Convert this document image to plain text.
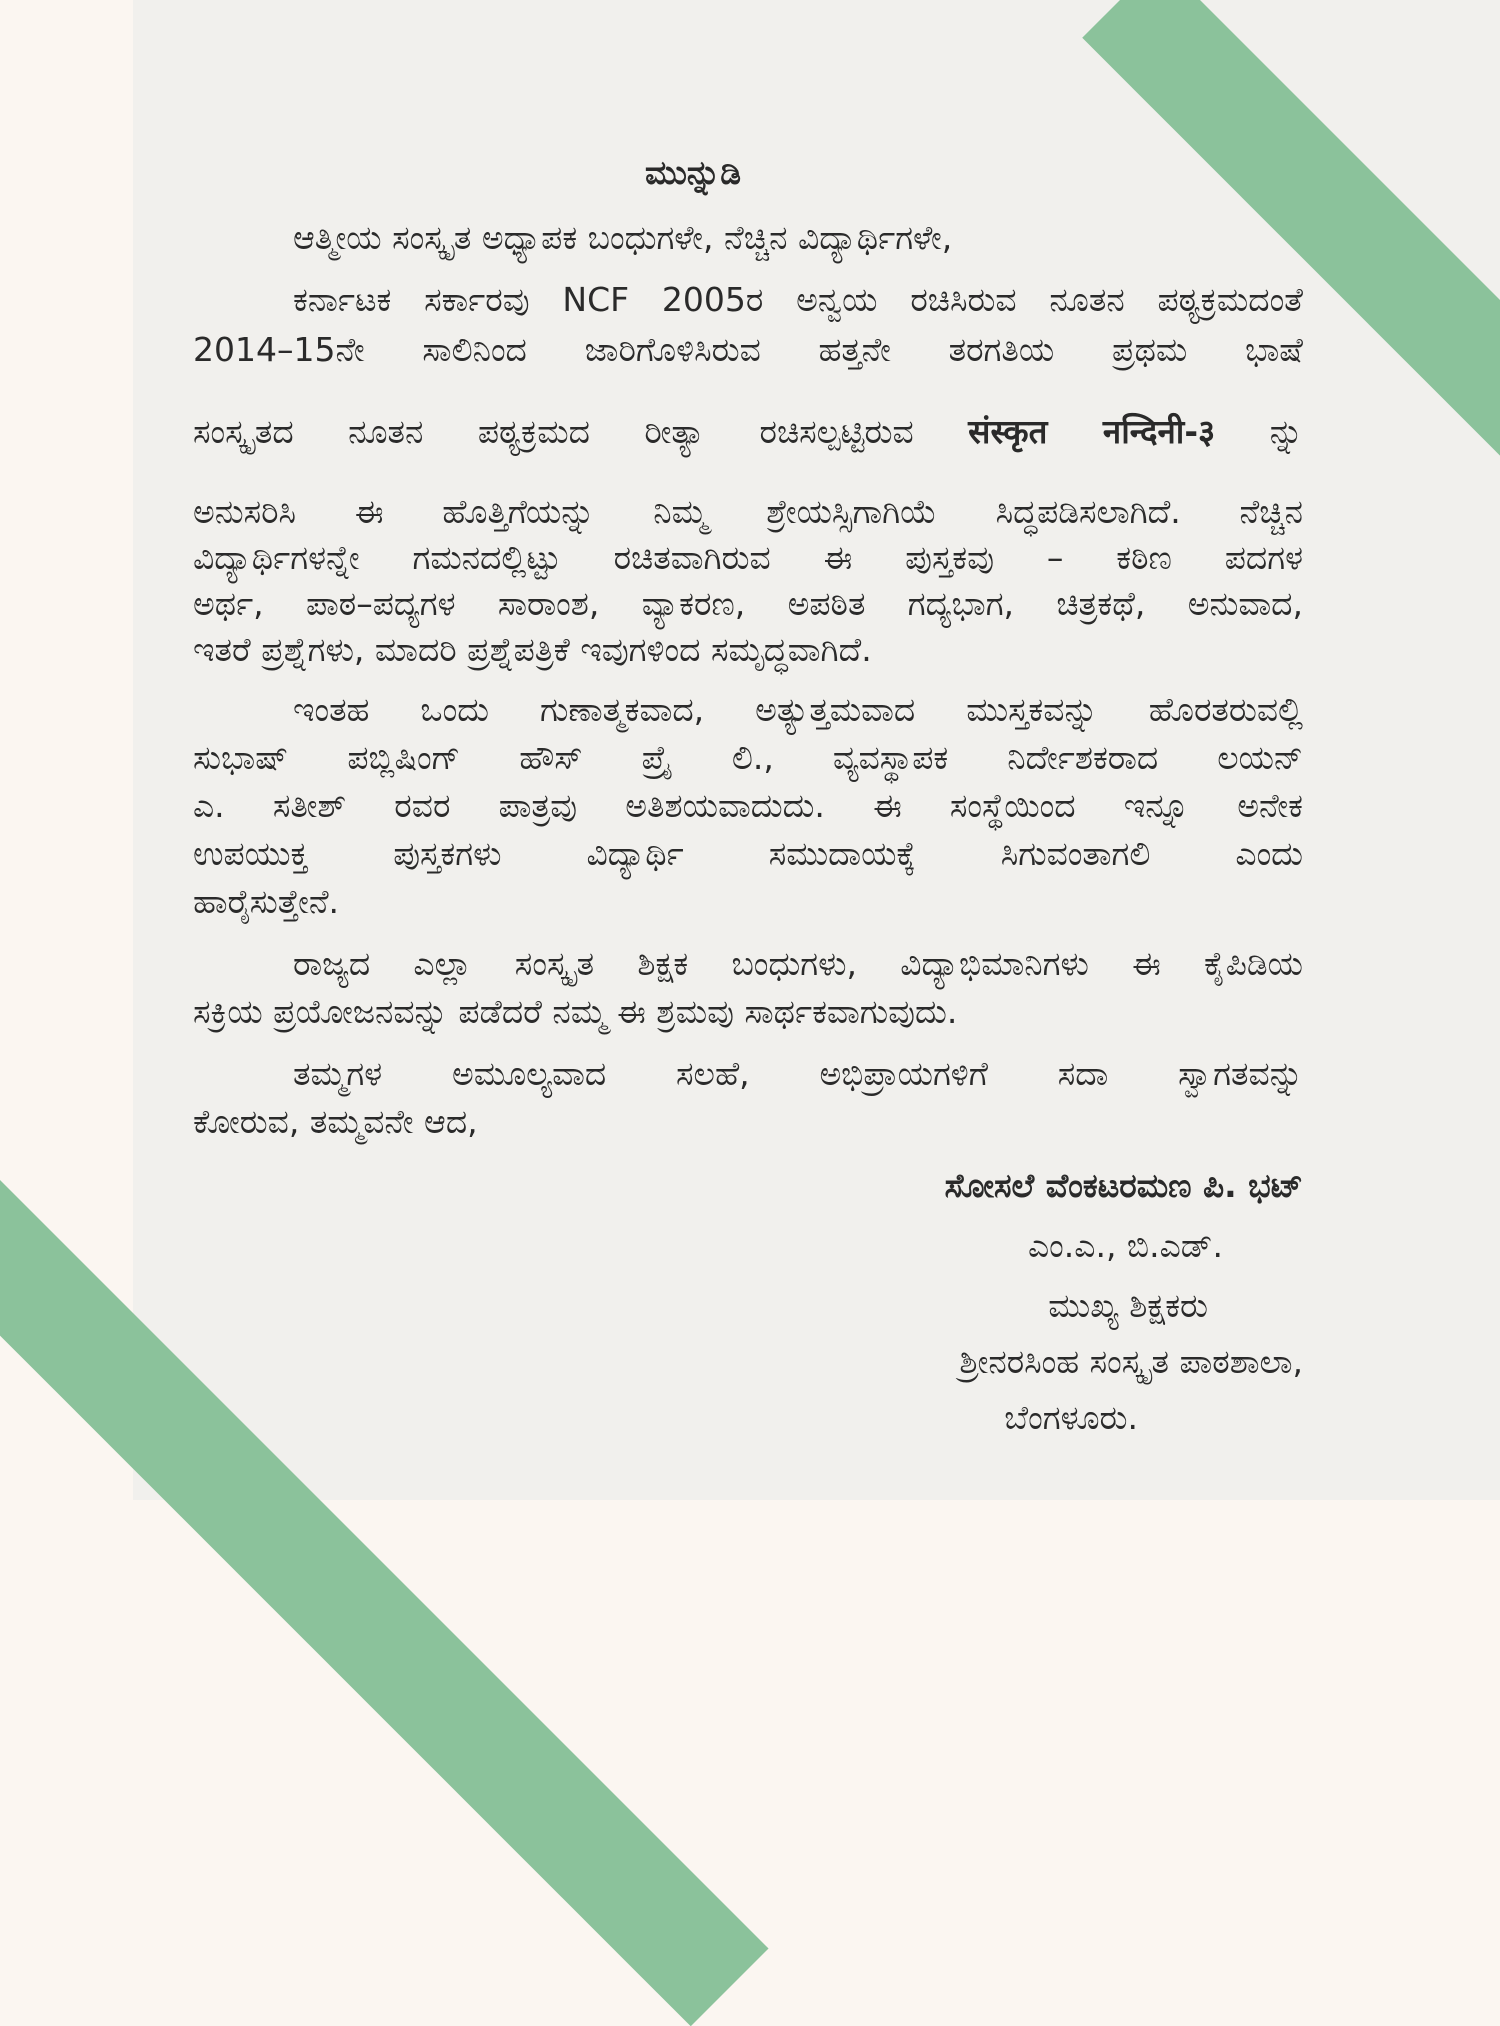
ಮುನ್ನುಡಿ
ಆತ್ಮೀಯ ಸಂಸ್ಕೃತ ಅಧ್ಯಾಪಕ ಬಂಧುಗಳೇ, ನೆಚ್ಚಿನ ವಿದ್ಯಾರ್ಥಿಗಳೇ,
ಕರ್ನಾಟಕ ಸರ್ಕಾರವು NCF 2005ರ ಅನ್ವಯ ರಚಿಸಿರುವ ನೂತನ ಪಠ್ಯಕ್ರಮದಂತೆ
2014–15ನೇ ಸಾಲಿನಿಂದ ಜಾರಿಗೊಳಿಸಿರುವ ಹತ್ತನೇ ತರಗತಿಯ ಪ್ರಥಮ ಭಾಷೆ
ಸಂಸ್ಕೃತದ ನೂತನ ಪಠ್ಯಕ್ರಮದ ರೀತ್ಯಾ ರಚಿಸಲ್ಪಟ್ಟಿರುವ संस्कृत नन्दिनी-३ ನ್ನು
ಅನುಸರಿಸಿ ಈ ಹೊತ್ತಿಗೆಯನ್ನು ನಿಮ್ಮ ಶ್ರೇಯಸ್ಸಿಗಾಗಿಯೆ ಸಿದ್ಧಪಡಿಸಲಾಗಿದೆ. ನೆಚ್ಚಿನ
ವಿದ್ಯಾರ್ಥಿಗಳನ್ನೇ ಗಮನದಲ್ಲಿಟ್ಟು ರಚಿತವಾಗಿರುವ ಈ ಪುಸ್ತಕವು – ಕಠಿಣ ಪದಗಳ
ಅರ್ಥ, ಪಾಠ–ಪದ್ಯಗಳ ಸಾರಾಂಶ, ವ್ಯಾಕರಣ, ಅಪಠಿತ ಗದ್ಯಭಾಗ, ಚಿತ್ರಕಥೆ, ಅನುವಾದ,
ಇತರೆ ಪ್ರಶ್ನೆಗಳು, ಮಾದರಿ ಪ್ರಶ್ನೆಪತ್ರಿಕೆ ಇವುಗಳಿಂದ ಸಮೃದ್ಧವಾಗಿದೆ.
ಇಂತಹ ಒಂದು ಗುಣಾತ್ಮಕವಾದ, ಅತ್ಯುತ್ತಮವಾದ ಮುಸ್ತಕವನ್ನು ಹೊರತರುವಲ್ಲಿ
ಸುಭಾಷ್ ಪಬ್ಲಿಷಿಂಗ್ ಹೌಸ್ ಪ್ರೈ ಲಿ., ವ್ಯವಸ್ಥಾಪಕ ನಿರ್ದೇಶಕರಾದ ಲಯನ್
ಎ. ಸತೀಶ್ ರವರ ಪಾತ್ರವು ಅತಿಶಯವಾದುದು. ಈ ಸಂಸ್ಥೆಯಿಂದ ಇನ್ನೂ ಅನೇಕ
ಉಪಯುಕ್ತ ಪುಸ್ತಕಗಳು ವಿದ್ಯಾರ್ಥಿ ಸಮುದಾಯಕ್ಕೆ ಸಿಗುವಂತಾಗಲಿ ಎಂದು
ಹಾರೈಸುತ್ತೇನೆ.
ರಾಜ್ಯದ ಎಲ್ಲಾ ಸಂಸ್ಕೃತ ಶಿಕ್ಷಕ ಬಂಧುಗಳು, ವಿದ್ಯಾಭಿಮಾನಿಗಳು ಈ ಕೈಪಿಡಿಯ
ಸಕ್ರಿಯ ಪ್ರಯೋಜನವನ್ನು ಪಡೆದರೆ ನಮ್ಮ ಈ ಶ್ರಮವು ಸಾರ್ಥಕವಾಗುವುದು.
ತಮ್ಮಗಳ ಅಮೂಲ್ಯವಾದ ಸಲಹೆ, ಅಭಿಪ್ರಾಯಗಳಿಗೆ ಸದಾ ಸ್ವಾಗತವನ್ನು
ಕೋರುವ, ತಮ್ಮವನೇ ಆದ,
ಸೋಸಲೆ ವೆಂಕಟರಮಣ ಪಿ. ಭಟ್
ಎಂ.ಎ., ಬಿ.ಎಡ್.
ಮುಖ್ಯ ಶಿಕ್ಷಕರು
ಶ್ರೀನರಸಿಂಹ ಸಂಸ್ಕೃತ ಪಾಠಶಾಲಾ,
ಬೆಂಗಳೂರು.
